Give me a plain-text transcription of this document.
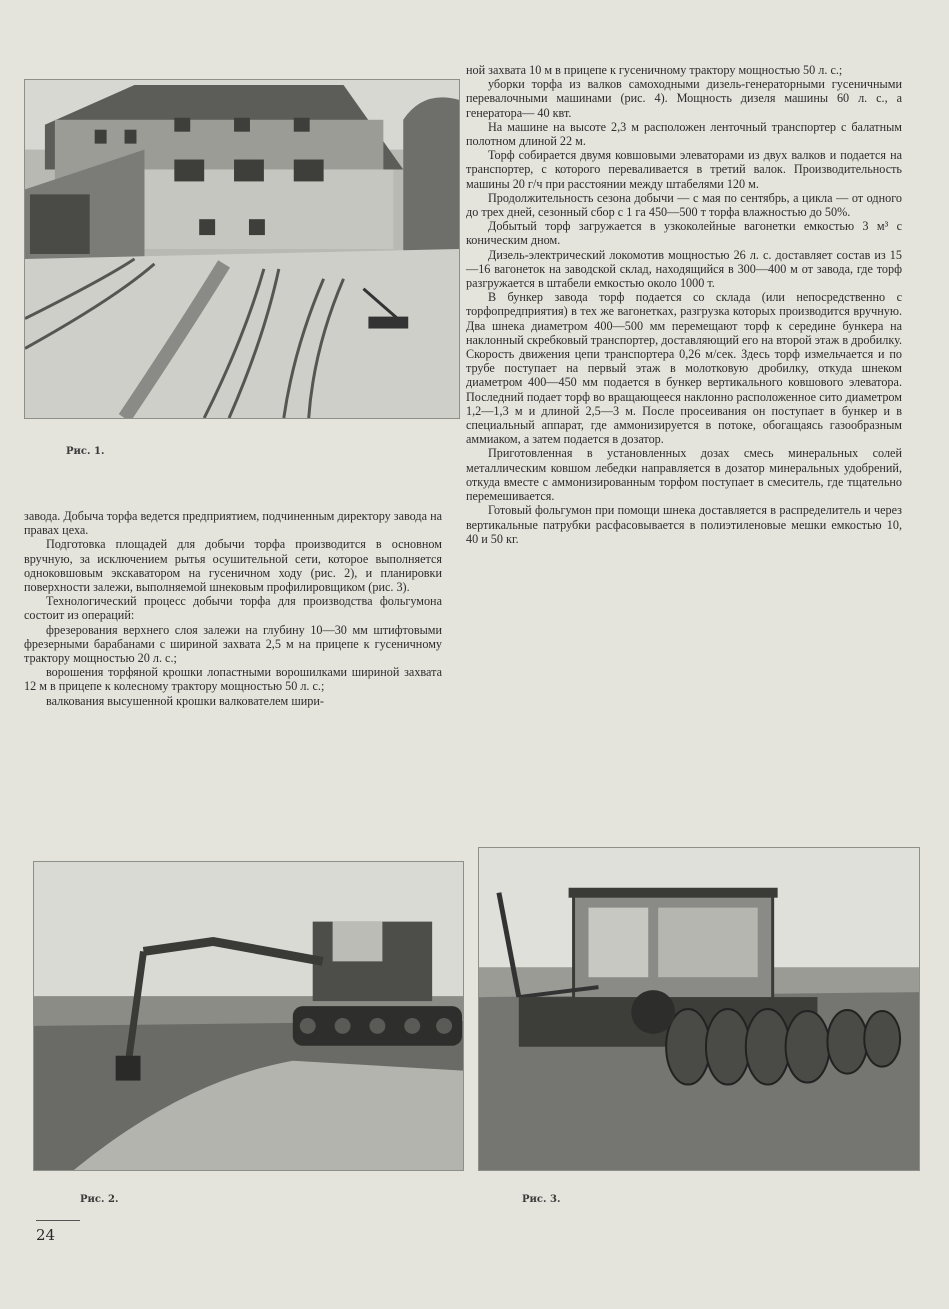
Рис. 1.

завода. Добыча торфа ведется предприятием, подчиненным директору завода на правах цеха.

Подготовка площадей для добычи торфа производится в основном вручную, за исключением рытья осушительной сети, которое выполняется одноковшовым экскаватором на гусеничном ходу (рис. 2), и планировки поверхности залежи, выполняемой шнековым профилировщиком (рис. 3).

Технологический процесс добычи торфа для производства фольгумона состоит из операций:

фрезерования верхнего слоя залежи на глубину 10—30 мм штифтовыми фрезерными барабанами с шириной захвата 2,5 м на прицепе к гусеничному трактору мощностью 20 л. с.;

ворошения торфяной крошки лопастными ворошилками шириной захвата 12 м в прицепе к колесному трактору мощностью 50 л. с.;

валкования высушенной крошки валкователем шири-

ной захвата 10 м в прицепе к гусеничному трактору мощностью 50 л. с.;

уборки торфа из валков самоходными дизель-генераторными гусеничными перевалочными машинами (рис. 4). Мощность дизеля машины 60 л. с., а генератора— 40 квт.

На машине на высоте 2,3 м расположен ленточный транспортер с балатным полотном длиной 22 м.

Торф собирается двумя ковшовыми элеваторами из двух валков и подается на транспортер, с которого переваливается в третий валок. Производительность машины 20 г/ч при расстоянии между штабелями 120 м.

Продолжительность сезона добычи — с мая по сентябрь, а цикла — от одного до трех дней, сезонный сбор с 1 га 450—500 т торфа влажностью до 50%.

Добытый торф загружается в узкоколейные вагонетки емкостью 3 м³ с коническим дном.

Дизель-электрический локомотив мощностью 26 л. с. доставляет состав из 15—16 вагонеток на заводской склад, находящийся в 300—400 м от завода, где торф разгружается в штабели емкостью около 1000 т.

В бункер завода торф подается со склада (или непосредственно с торфопредприятия) в тех же вагонетках, разгрузка которых производится вручную. Два шнека диаметром 400—500 мм перемещают торф к середине бункера на наклонный скребковый транспортер, доставляющий его на второй этаж в дробилку. Скорость движения цепи транспортера 0,26 м/сек. Здесь торф измельчается и по трубе поступает на первый этаж в молотковую дробилку, откуда шнеком диаметром 400—450 мм подается в бункер вертикального ковшового элеватора. Последний подает торф во вращающееся наклонно расположенное сито диаметром 1,2—1,3 м и длиной 2,5—3 м. После просеивания он поступает в бункер и в специальный аппарат, где аммонизируется в потоке, обогащаясь газообразным аммиаком, а затем подается в дозатор.

Приготовленная в установленных дозах смесь минеральных солей металлическим ковшом лебедки направляется в дозатор минеральных удобрений, откуда вместе с аммонизированным торфом поступает в смеситель, где тщательно перемешивается.

Готовый фольгумон при помощи шнека доставляется в распределитель и через вертикальные патрубки расфасовывается в полиэтиленовые мешки емкостью 10, 40 и 50 кг.

Рис. 2.	Рис. 3.
24
